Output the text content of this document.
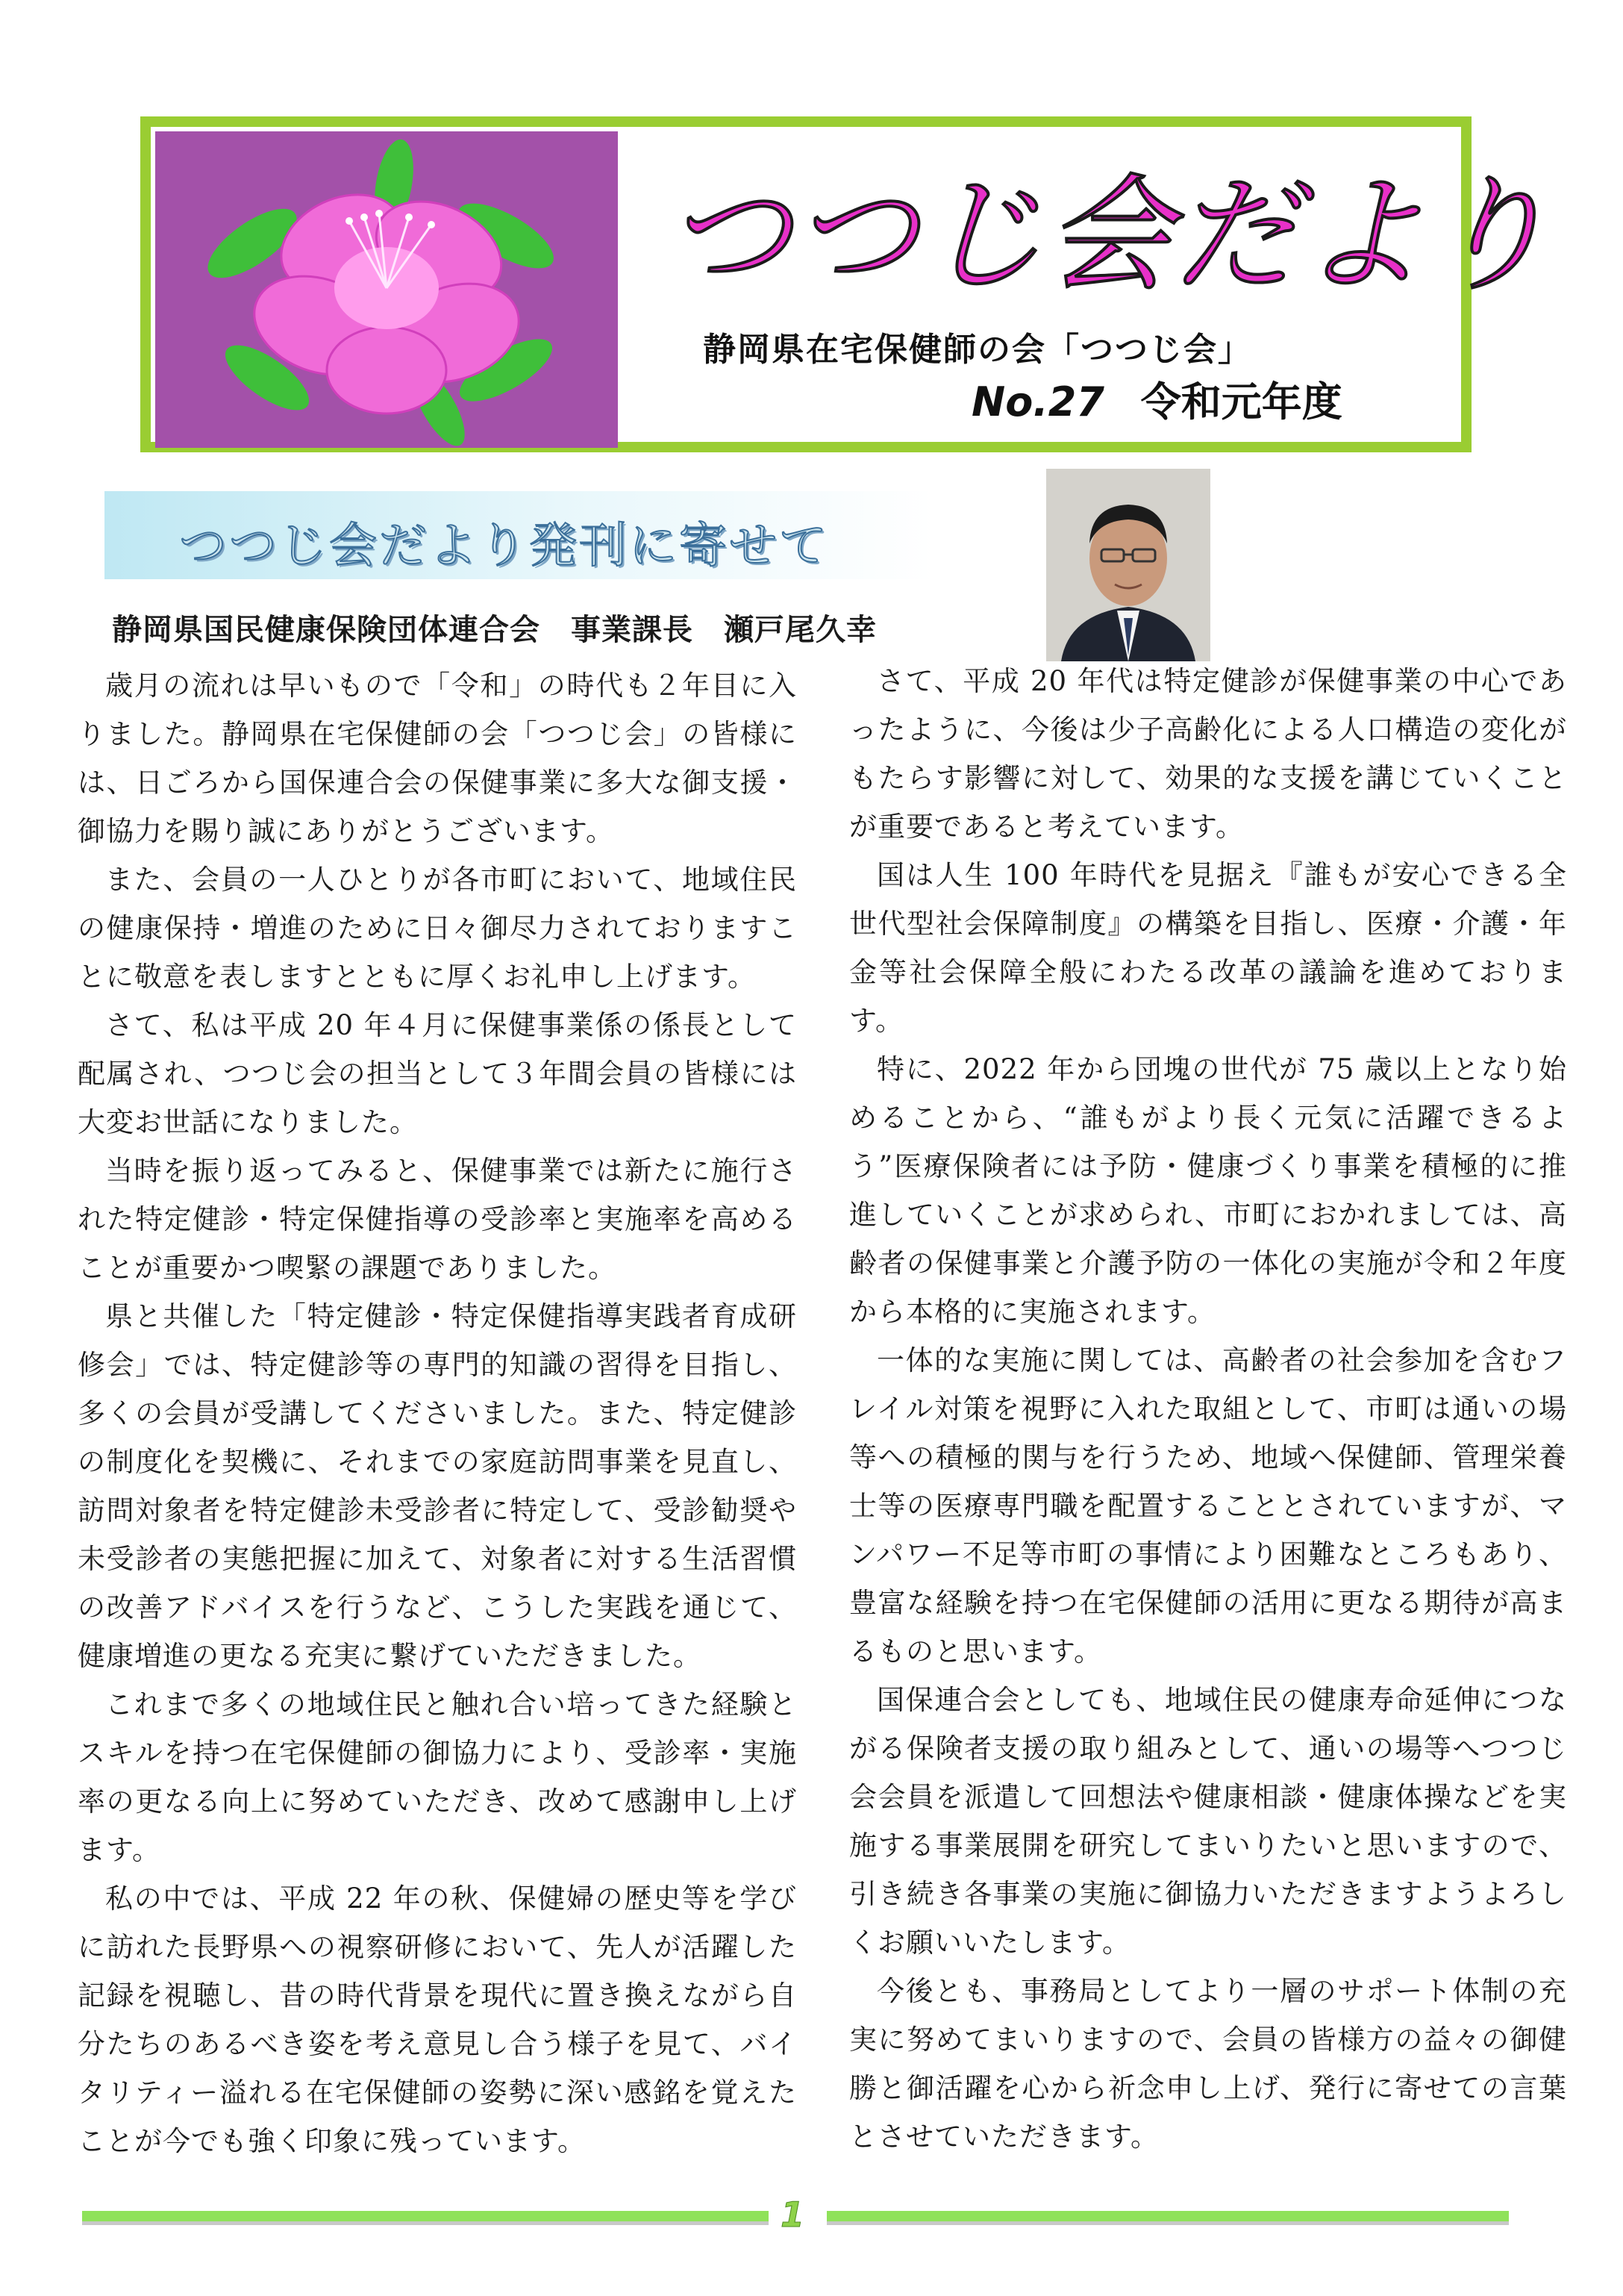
つつじ会だより
静岡県在宅保健師の会「つつじ会」
No.27 令和元年度
つつじ会だより発刊に寄せて
静岡県国民健康保険団体連合会　事業課長　瀬戸尾久幸

歳月の流れは早いもので「令和」の時代も２年目に入りました。静岡県在宅保健師の会「つつじ会」の皆様には、日ごろから国保連合会の保健事業に多大な御支援・御協力を賜り誠にありがとうございます。

また、会員の一人ひとりが各市町において、地域住民の健康保持・増進のために日々御尽力されておりますことに敬意を表しますとともに厚くお礼申し上げます。

さて、私は平成 20 年４月に保健事業係の係長として配属され、つつじ会の担当として３年間会員の皆様には大変お世話になりました。

当時を振り返ってみると、保健事業では新たに施行された特定健診・特定保健指導の受診率と実施率を高めることが重要かつ喫緊の課題でありました。

県と共催した「特定健診・特定保健指導実践者育成研修会」では、特定健診等の専門的知識の習得を目指し、多くの会員が受講してくださいました。また、特定健診の制度化を契機に、それまでの家庭訪問事業を見直し、訪問対象者を特定健診未受診者に特定して、受診勧奨や未受診者の実態把握に加えて、対象者に対する生活習慣の改善アドバイスを行うなど、こうした実践を通じて、健康増進の更なる充実に繋げていただきました。

これまで多くの地域住民と触れ合い培ってきた経験とスキルを持つ在宅保健師の御協力により、受診率・実施率の更なる向上に努めていただき、改めて感謝申し上げます。

私の中では、平成 22 年の秋、保健婦の歴史等を学びに訪れた長野県への視察研修において、先人が活躍した記録を視聴し、昔の時代背景を現代に置き換えながら自分たちのあるべき姿を考え意見し合う様子を見て、バイタリティー溢れる在宅保健師の姿勢に深い感銘を覚えたことが今でも強く印象に残っています。

さて、平成 20 年代は特定健診が保健事業の中心であったように、今後は少子高齢化による人口構造の変化がもたらす影響に対して、効果的な支援を講じていくことが重要であると考えています。

国は人生 100 年時代を見据え『誰もが安心できる全世代型社会保障制度』の構築を目指し、医療・介護・年金等社会保障全般にわたる改革の議論を進めております。

特に、2022 年から団塊の世代が 75 歳以上となり始めることから、“誰もがより長く元気に活躍できるよう”医療保険者には予防・健康づくり事業を積極的に推進していくことが求められ、市町におかれましては、高齢者の保健事業と介護予防の一体化の実施が令和２年度から本格的に実施されます。

一体的な実施に関しては、高齢者の社会参加を含むフレイル対策を視野に入れた取組として、市町は通いの場等への積極的関与を行うため、地域へ保健師、管理栄養士等の医療専門職を配置することとされていますが、マンパワー不足等市町の事情により困難なところもあり、豊富な経験を持つ在宅保健師の活用に更なる期待が高まるものと思います。

国保連合会としても、地域住民の健康寿命延伸につながる保険者支援の取り組みとして、通いの場等へつつじ会会員を派遣して回想法や健康相談・健康体操などを実施する事業展開を研究してまいりたいと思いますので、引き続き各事業の実施に御協力いただきますようよろしくお願いいたします。

今後とも、事務局としてより一層のサポート体制の充実に努めてまいりますので、会員の皆様方の益々の御健勝と御活躍を心から祈念申し上げ、発行に寄せての言葉とさせていただきます。

1
